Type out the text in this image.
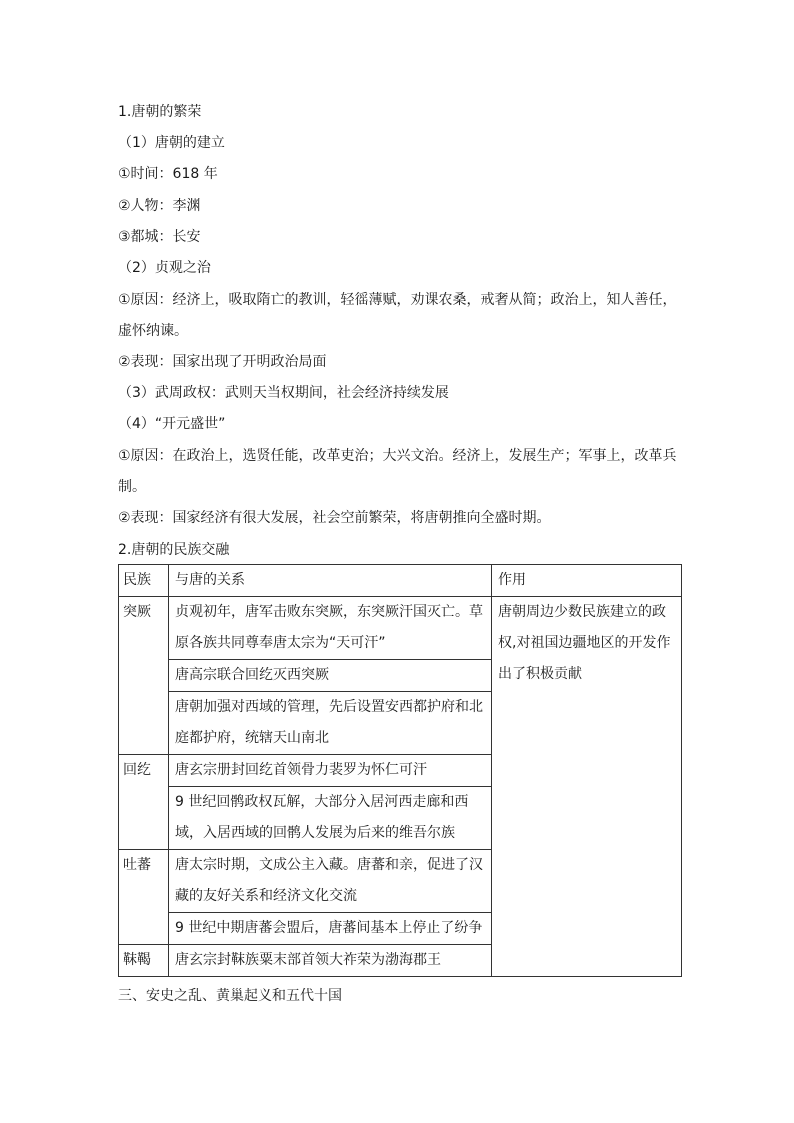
1.唐朝的繁荣
（1）唐朝的建立
①时间：618 年
②人物：李渊
③都城：长安
（2）贞观之治
①原因：经济上，吸取隋亡的教训，轻徭薄赋，劝课农桑，戒奢从简；政治上，知人善任，
虚怀纳谏。
②表现：国家出现了开明政治局面
（3）武周政权：武则天当权期间，社会经济持续发展
（4）“开元盛世”
①原因：在政治上，选贤任能，改革吏治；大兴文治。经济上，发展生产；军事上，改革兵
制。
②表现：国家经济有很大发展，社会空前繁荣，将唐朝推向全盛时期。
2.唐朝的民族交融
民族	与唐的关系	作用
突厥	贞观初年，唐军击败东突厥，东突厥汗国灭亡。草原各族共同尊奉唐太宗为“天可汗”	唐朝周边少数民族建立的政权,对祖国边疆地区的开发作出了积极贡献
	唐高宗联合回纥灭西突厥	
	唐朝加强对西域的管理，先后设置安西都护府和北庭都护府，统辖天山南北	
回纥	唐玄宗册封回纥首领骨力裴罗为怀仁可汗	
	9 世纪回鹘政权瓦解，大部分入居河西走廊和西域，入居西域的回鹘人发展为后来的维吾尔族	
吐蕃	唐太宗时期，文成公主入藏。唐蕃和亲，促进了汉藏的友好关系和经济文化交流	
	9 世纪中期唐蕃会盟后，唐蕃间基本上停止了纷争	
靺鞨	唐玄宗封靺族粟末部首领大祚荣为渤海郡王	
三、安史之乱、黄巢起义和五代十国
